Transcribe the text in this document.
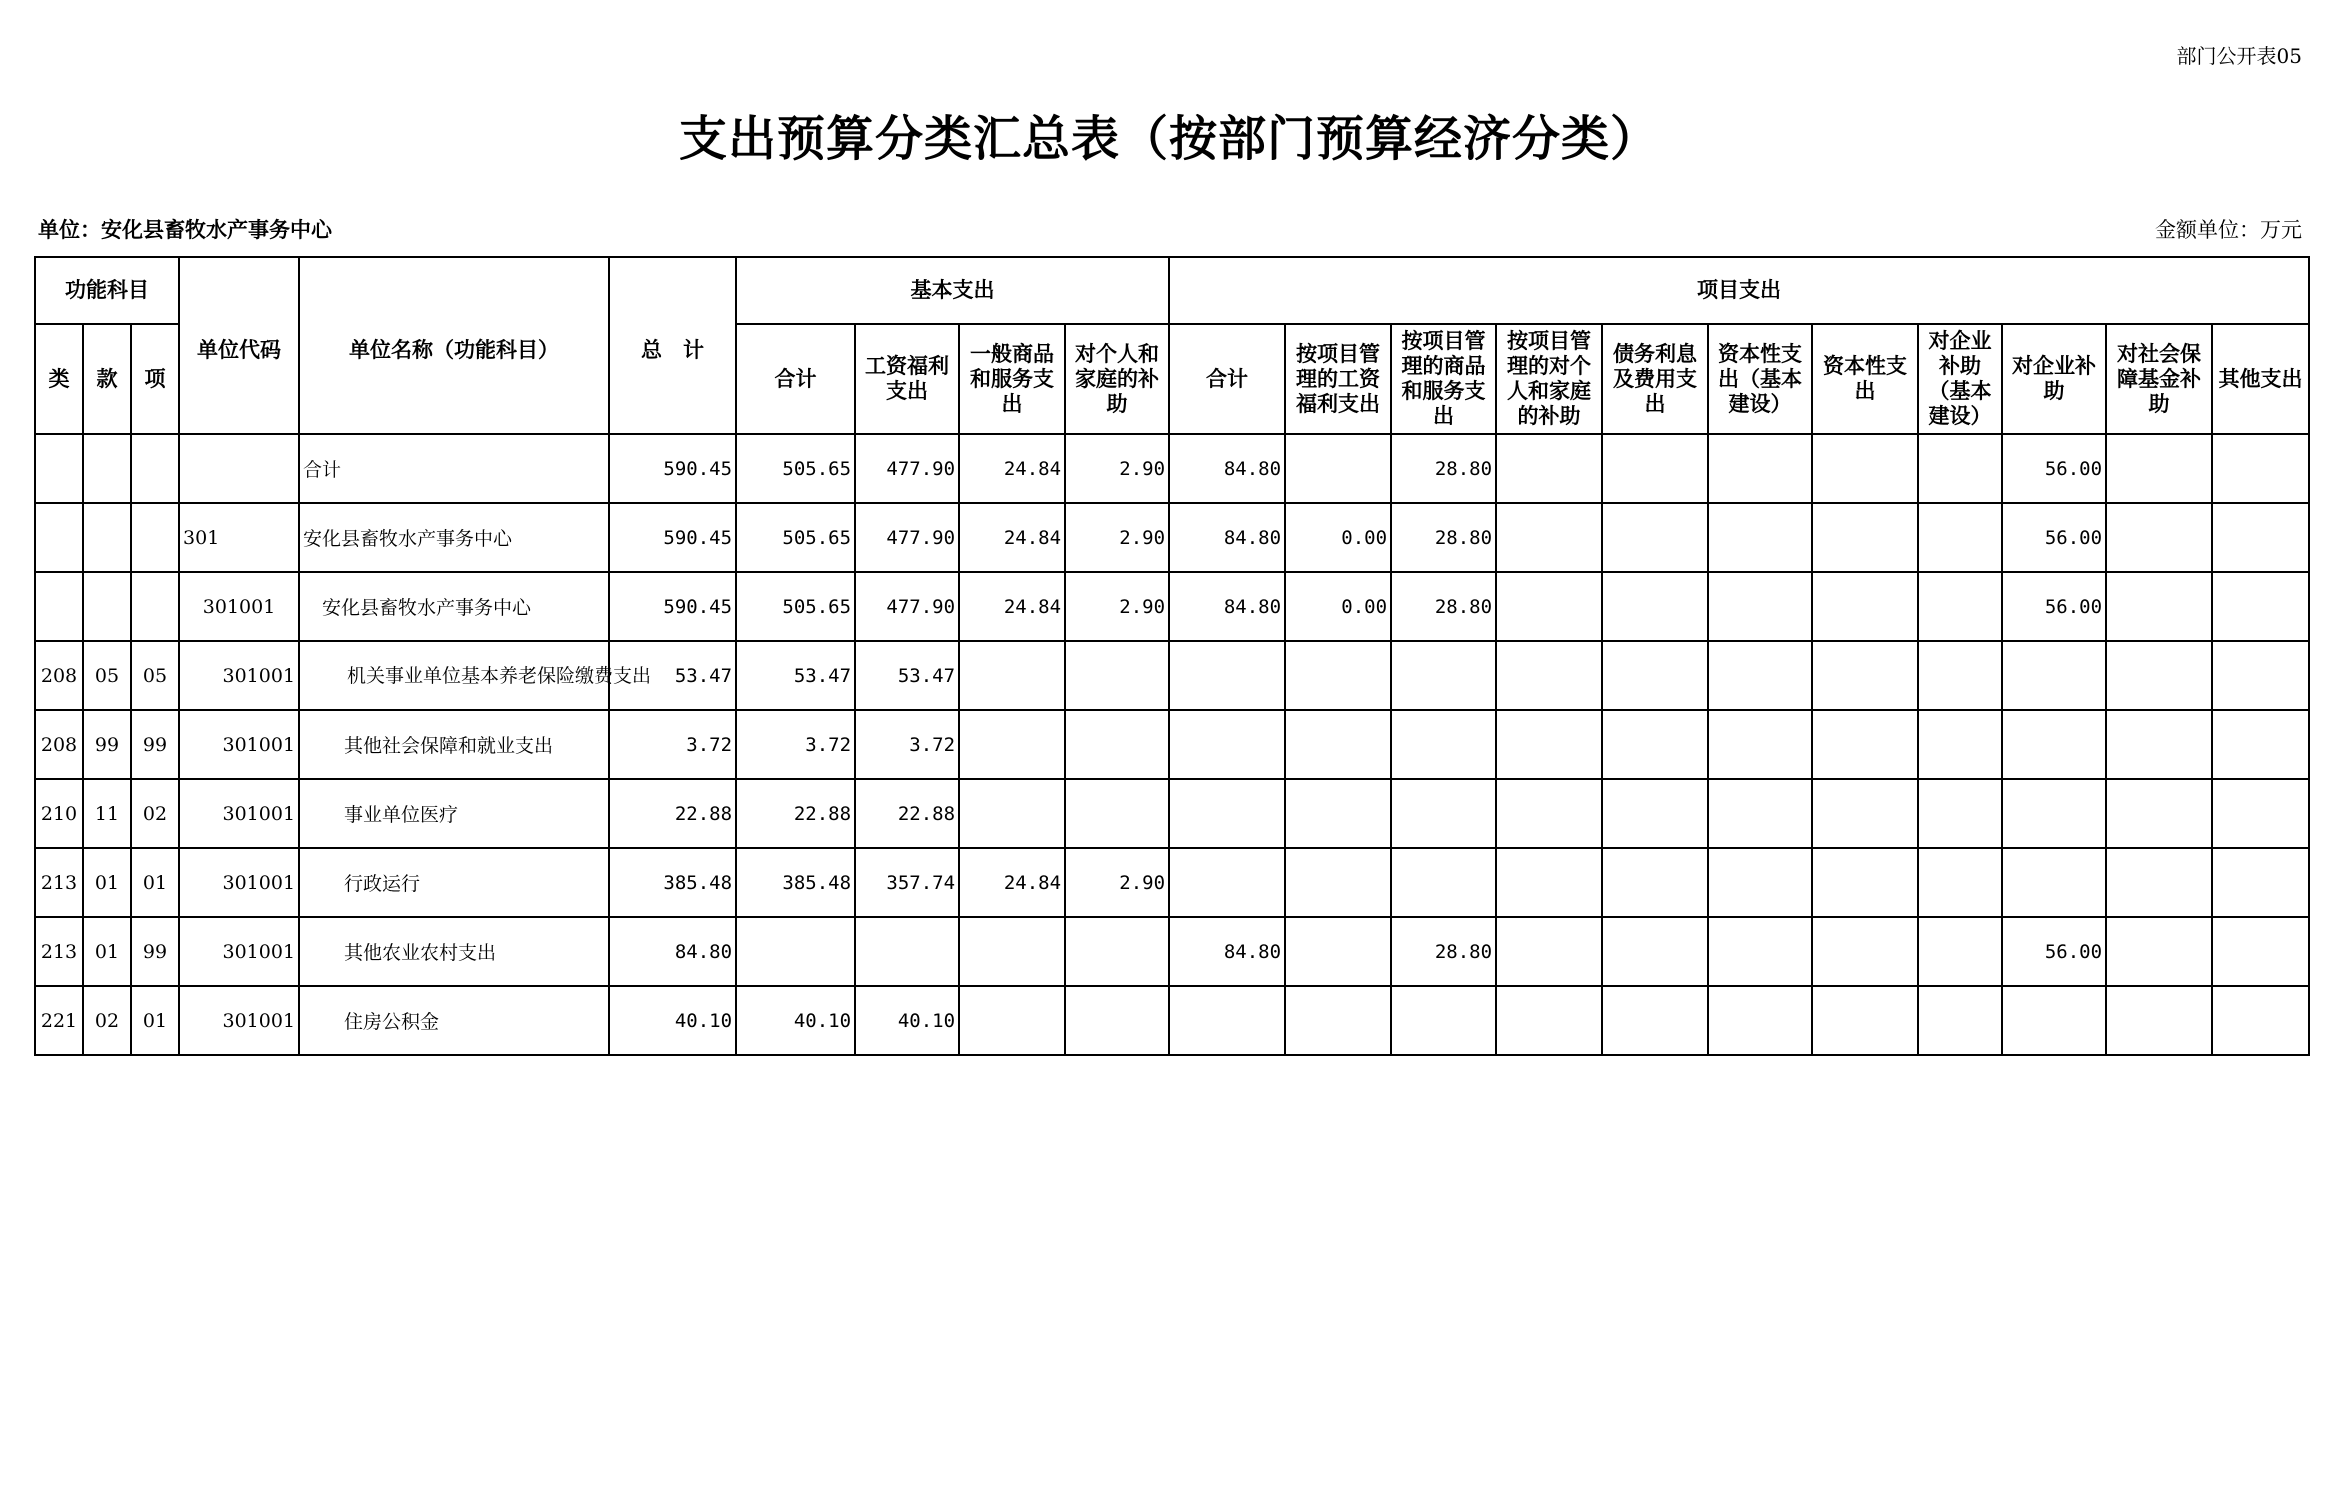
部门公开表05
支出预算分类汇总表（按部门预算经济分类）
单位：安化县畜牧水产事务中心	金额单位：万元
功能科目			单位代码	单位名称（功能科目）	总　计	基本支出				项目支出										
类	款	项				合计	工资福利支出	一般商品和服务支出	对个人和家庭的补助	合计	按项目管理的工资福利支出	按项目管理的商品和服务支出	按项目管理的对个人和家庭的补助	债务利息及费用支出	资本性支出（基本建设）	资本性支出	对企业补助（基本建设）	对企业补助	对社会保障基金补助	其他支出
				合计	590.45	505.65	477.90	24.84	2.90	84.80		28.80						56.00		
			301	安化县畜牧水产事务中心	590.45	505.65	477.90	24.84	2.90	84.80	0.00	28.80						56.00		
			301001	安化县畜牧水产事务中心	590.45	505.65	477.90	24.84	2.90	84.80	0.00	28.80						56.00		
208	05	05	301001	机关事业单位基本养老保险缴费支出	53.47	53.47	53.47													
208	99	99	301001	其他社会保障和就业支出	3.72	3.72	3.72													
210	11	02	301001	事业单位医疗	22.88	22.88	22.88													
213	01	01	301001	行政运行	385.48	385.48	357.74	24.84	2.90											
213	01	99	301001	其他农业农村支出	84.80					84.80		28.80						56.00		
221	02	01	301001	住房公积金	40.10	40.10	40.10													
